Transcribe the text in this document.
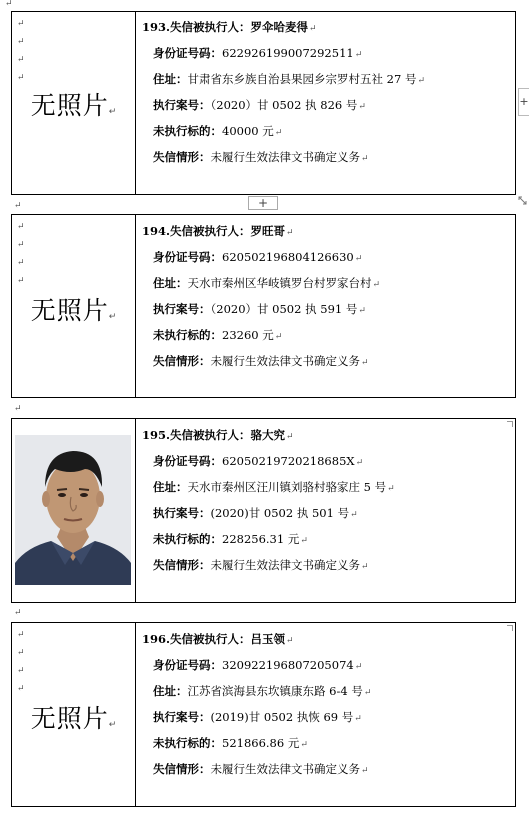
↵
↵
↵
↵
↵
↵
↵
↵
无照片↵
193.失信被执行人：罗伞哈麦得↵
身份证号码：622926199007292511↵
住址：甘肃省东乡族自治县果园乡宗罗村五社 27 号↵
执行案号：（2020）甘 0502 执 826 号↵
未执行标的：40000 元↵
失信情形：未履行生效法律文书确定义务↵
↵
↵
↵
↵
无照片↵
194.失信被执行人：罗旺哥↵
身份证号码：620502196804126630↵
住址：天水市秦州区华岐镇罗台村罗家台村↵
执行案号：（2020）甘 0502 执 591 号↵
未执行标的：23260 元↵
失信情形：未履行生效法律文书确定义务↵
195.失信被执行人：骆大究↵
身份证号码：62050219720218685X↵
住址：天水市秦州区汪川镇刘骆村骆家庄 5 号↵
执行案号：(2020)甘 0502 执 501 号↵
未执行标的：228256.31 元↵
失信情形：未履行生效法律文书确定义务↵
↵
↵
↵
↵
无照片↵
196.失信被执行人：吕玉领↵
身份证号码：320922196807205074↵
住址：江苏省滨海县东坎镇康东路 6-4 号↵
执行案号：(2019)甘 0502 执恢 69 号↵
未执行标的：521866.86 元↵
失信情形：未履行生效法律文书确定义务↵
+
+
